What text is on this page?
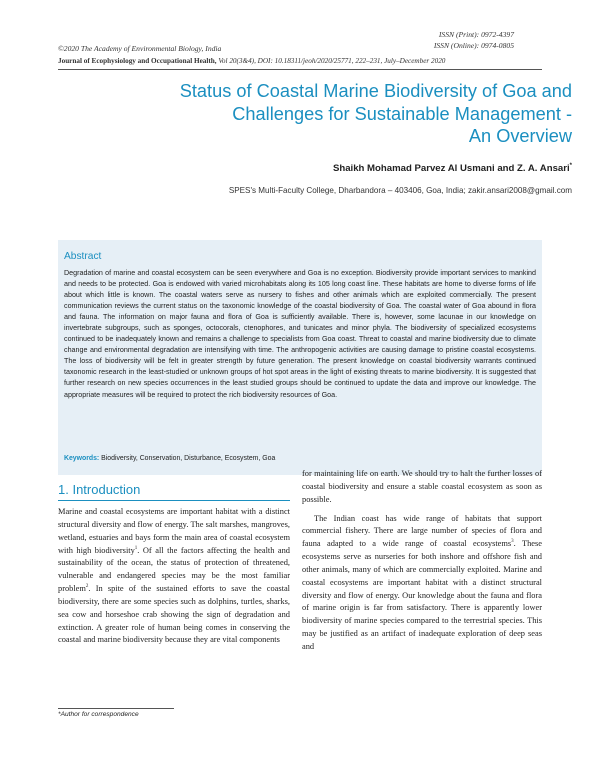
ISSN (Print): 0972-4397
ISSN (Online): 0974-0805
©2020 The Academy of Environmental Biology, India
Journal of Ecophysiology and Occupational Health, Vol 20(3&4), DOI: 10.18311/jeoh/2020/25771, 222–231, July–December 2020
Status of Coastal Marine Biodiversity of Goa and
Challenges for Sustainable Management -
An Overview
Shaikh Mohamad Parvez Al Usmani and Z. A. Ansari*
SPES's Multi-Faculty College, Dharbandora – 403406, Goa, India; zakir.ansari2008@gmail.com
Abstract
Degradation of marine and coastal ecosystem can be seen everywhere and Goa is no exception. Biodiversity provide important services to mankind and needs to be protected. Goa is endowed with varied microhabitats along its 105 long coast line. These habitats are home to diverse forms of life about which little is known. The coastal waters serve as nursery to fishes and other animals which are exploited commercially. The present communication reviews the current status on the taxonomic knowledge of the coastal biodiversity of Goa. The coastal water of Goa abound in flora and fauna. The information on major fauna and flora of Goa is sufficiently available. There is, however, some lacunae in our knowledge on invertebrate subgroups, such as sponges, octocorals, ctenophores, and tunicates and minor phyla. The biodiversity of specialized ecosystems continued to be inadequately known and remains a challenge to specialists from Goa coast. Threat to coastal and marine biodiversity due to climate change and environmental degradation are intensifying with time. The anthropogenic activities are causing damage to pristine coastal ecosystems. The loss of biodiversity will be felt in greater strength by future generation. The present knowledge on coastal biodiversity warrants continued taxonomic research in the least-studied or unknown groups of hot spot areas in the light of existing threats to marine biodiversity. It is suggested that further research on new species occurrences in the least studied groups should be continued to update the data and improve our knowledge. The appropriate measures will be required to protect the rich biodiversity resources of Goa.
Keywords: Biodiversity, Conservation, Disturbance, Ecosystem, Goa
1. Introduction

Marine and coastal ecosystems are important habitat with a distinct structural diversity and flow of energy. The salt marshes, mangroves, wetland, estuaries and bays form the main area of coastal ecosystem with high biodiversity$^1$. Of all the factors affecting the health and sustainability of the ocean, the status of protection of threatened, vulnerable and endangered species may be the most familiar problem$^2$. In spite of the sustained efforts to save the coastal biodiversity, there are some species such as dolphins, turtles, sharks, sea cow and horseshoe crab showing the sign of degradation and extinction. A greater role of human being comes in conserving the coastal and marine biodiversity because they are vital components

for maintaining life on earth. We should try to halt the further losses of coastal biodiversity and ensure a stable coastal ecosystem as soon as possible.

The Indian coast has wide range of habitats that support commercial fishery. There are large number of species of flora and fauna adapted to a wide range of coastal ecosystems$^3$. These ecosystems serve as nurseries for both inshore and offshore fish and other animals, many of which are commercially exploited. Marine and coastal ecosystems are important habitat with a distinct structural diversity and flow of energy. Our knowledge about the fauna and flora of marine origin is far from satisfactory. There is apparently lower biodiversity of marine species compared to the terrestrial species. This may be justified as an artifact of inadequate exploration of deep seas and

*Author for correspondence
